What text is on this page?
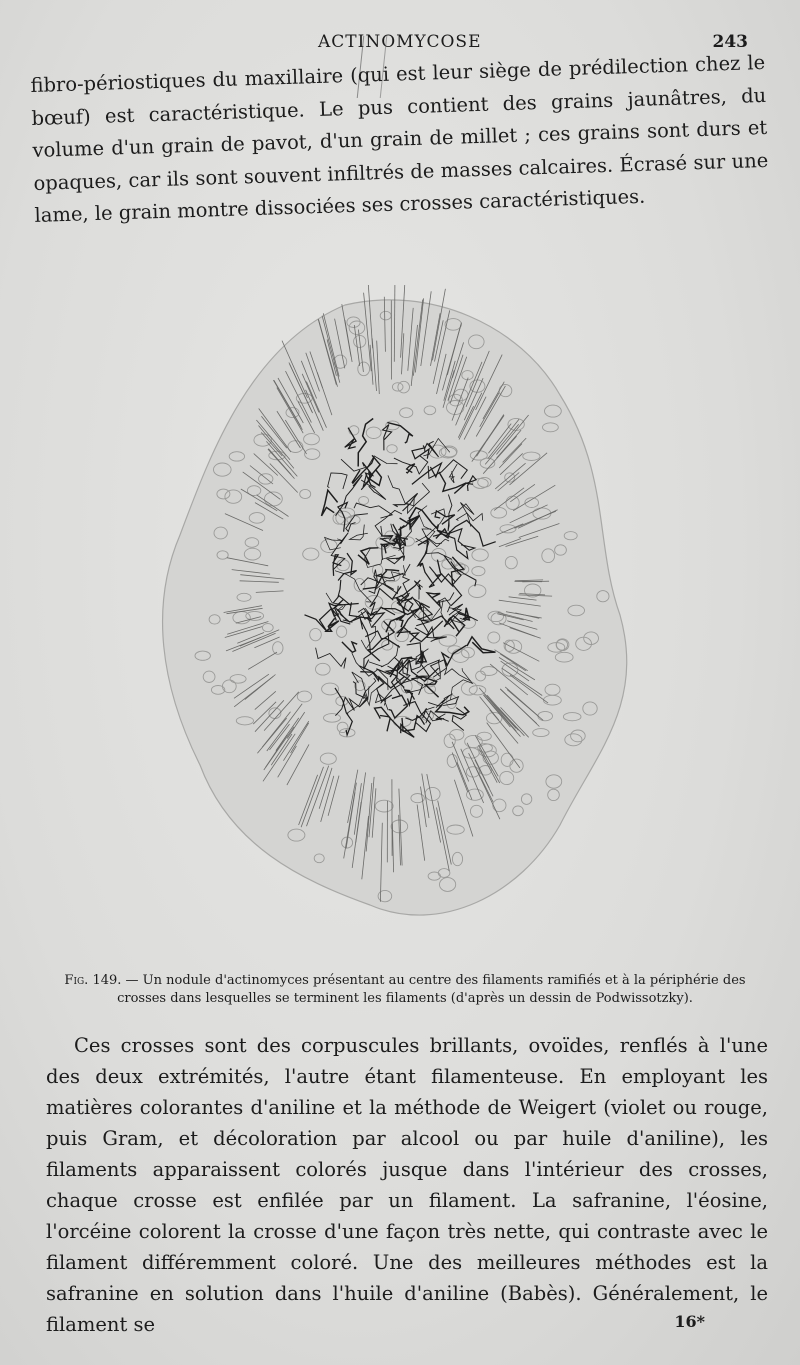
ACTINOMYCOSE	243

fibro-périostiques du maxillaire (qui est leur siège de prédilection chez le bœuf) est caractéristique. Le pus contient des grains jaunâtres, du volume d'un grain de pavot, d'un grain de millet ; ces grains sont durs et opaques, car ils sont souvent infiltrés de masses calcaires. Écrasé sur une lame, le grain montre dissociées ses crosses caractéristiques.

Fig. 149. — Un nodule d'actinomyces présentant au centre des filaments ramifiés et à la périphérie des crosses dans lesquelles se terminent les filaments (d'après un dessin de Podwissotzky).

Ces crosses sont des corpuscules brillants, ovoïdes, renflés à l'une des deux extrémités, l'autre étant filamenteuse. En employant les matières colorantes d'aniline et la méthode de Weigert (violet ou rouge, puis Gram, et décoloration par alcool ou par huile d'aniline), les filaments apparaissent colorés jusque dans l'intérieur des crosses, chaque crosse est enfilée par un filament. La safranine, l'éosine, l'orcéine colorent la crosse d'une façon très nette, qui contraste avec le filament différemment coloré. Une des meilleures méthodes est la safranine en solution dans l'huile d'aniline (Babès). Généralement, le filament se	16*
